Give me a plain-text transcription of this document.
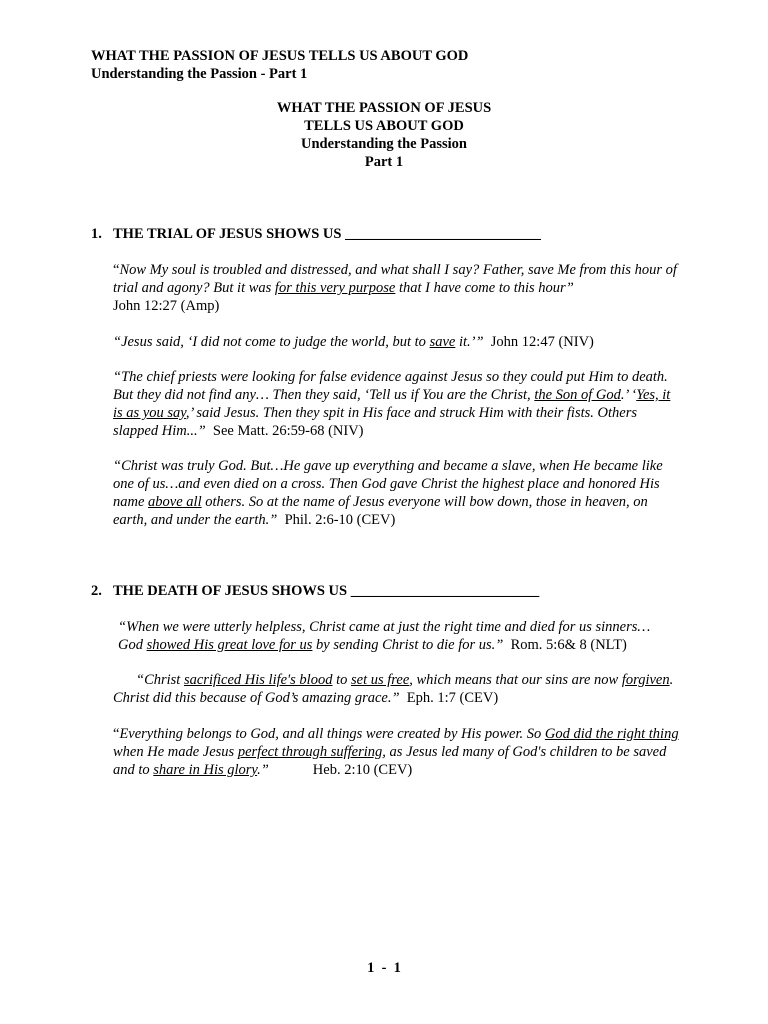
WHAT THE PASSION OF JESUS TELLS US ABOUT GOD
Understanding the Passion - Part 1
WHAT THE PASSION OF JESUS
TELLS US ABOUT GOD
Understanding the Passion
Part 1
1. THE TRIAL OF JESUS SHOWS US ___________________________
“Now My soul is troubled and distressed, and what shall I say? Father, save Me from this hour of trial and agony? But it was for this very purpose that I have come to this hour”
John 12:27 (Amp)
“Jesus said, ‘I did not come to judge the world, but to save it.’”  John 12:47 (NIV)
“The chief priests were looking for false evidence against Jesus so they could put Him to death. But they did not find any… Then they said, ‘Tell us if You are the Christ, the Son of God.’ ‘Yes, it is as you say,’ said Jesus. Then they spit in His face and struck Him with their fists. Others slapped Him...”  See Matt. 26:59-68 (NIV)
“Christ was truly God. But…He gave up everything and became a slave, when He became like one of us…and even died on a cross. Then God gave Christ the highest place and honored His name above all others. So at the name of Jesus everyone will bow down, those in heaven, on earth, and under the earth.”  Phil. 2:6-10 (CEV)
2. THE DEATH OF JESUS SHOWS US __________________________
“When we were utterly helpless, Christ came at just the right time and died for us sinners… God showed His great love for us by sending Christ to die for us.”  Rom. 5:6& 8 (NLT)
“Christ sacrificed His life's blood to set us free, which means that our sins are now forgiven. Christ did this because of God’s amazing grace.”  Eph. 1:7 (CEV)
“Everything belongs to God, and all things were created by His power. So God did the right thing when He made Jesus perfect through suffering, as Jesus led many of God's children to be saved and to share in His glory.”	Heb. 2:10 (CEV)
1  -  1
